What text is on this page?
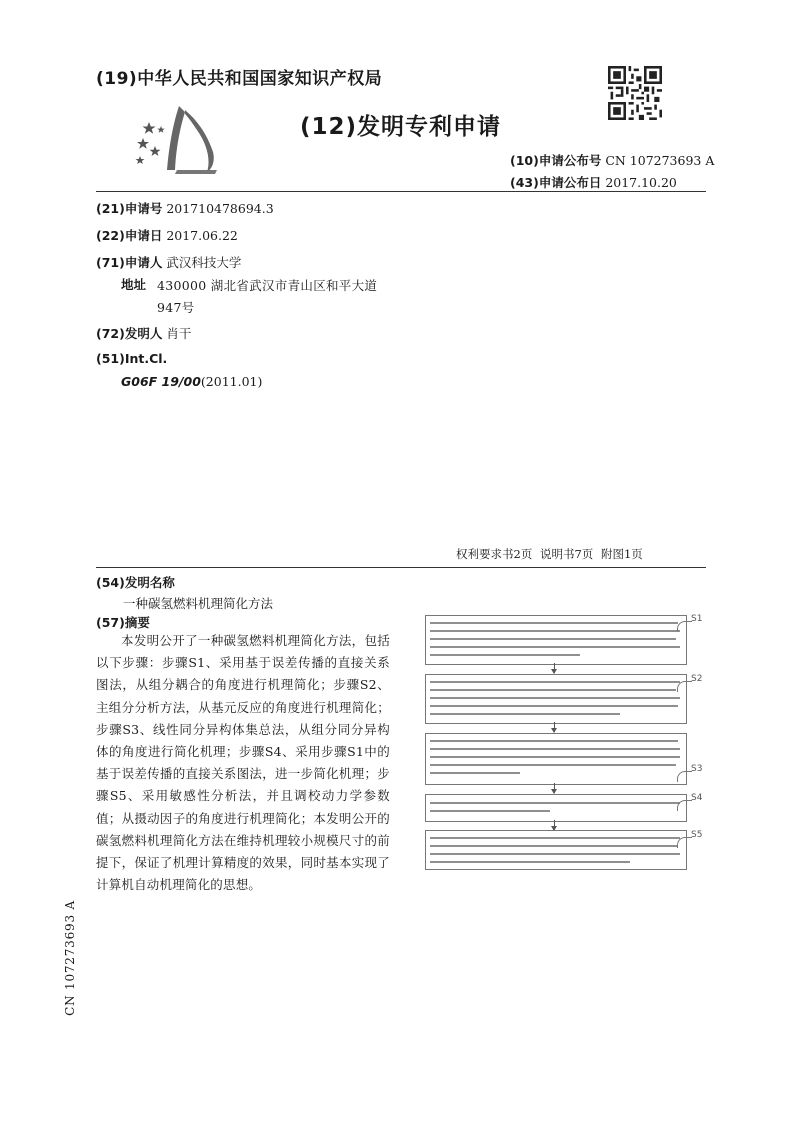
(19)中华人民共和国国家知识产权局
(12)发明专利申请
(10)申请公布号 CN 107273693 A
(43)申请公布日 2017.10.20
(21)申请号 201710478694.3
(22)申请日 2017.06.22
(71)申请人 武汉科技大学
地址 430000 湖北省武汉市青山区和平大道947号
(72)发明人 肖干
(51)Int.Cl.
G06F 19/00(2011.01)
权利要求书2页 说明书7页 附图1页
(54)发明名称
一种碳氢燃料机理简化方法
(57)摘要
本发明公开了一种碳氢燃料机理简化方法，包括以下步骤：步骤S1、采用基于误差传播的直接关系图法，从组分耦合的角度进行机理简化；步骤S2、主组分分析方法，从基元反应的角度进行机理简化；步骤S3、线性同分异构体集总法，从组分同分异构体的角度进行简化机理；步骤S4、采用步骤S1中的基于误差传播的直接关系图法，进一步简化机理；步骤S5、采用敏感性分析法，并且调校动力学参数值；从摄动因子的角度进行机理简化；本发明公开的碳氢燃料机理简化方法在维持机理较小规模尺寸的前提下，保证了机理计算精度的效果，同时基本实现了计算机自动机理简化的思想。
S1
S2
S3
S4
S5
CN 107273693 A
